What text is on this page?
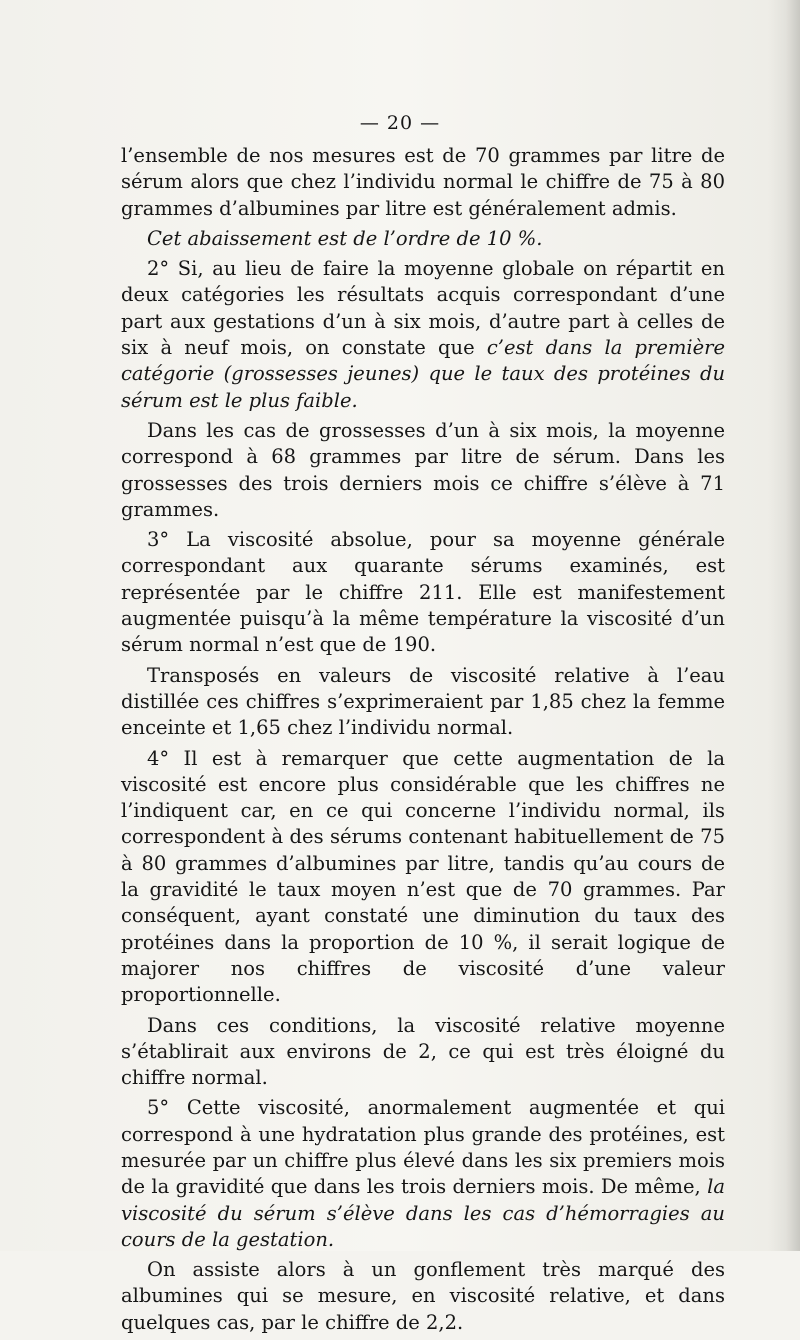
— 20 —

l’ensemble de nos mesures est de 70 grammes par litre de sérum alors que chez l’individu normal le chiffre de 75 à 80 grammes d’albumines par litre est généralement admis.

Cet abaissement est de l’ordre de 10 %.

2° Si, au lieu de faire la moyenne globale on répartit en deux catégories les résultats acquis correspondant d’une part aux gestations d’un à six mois, d’autre part à celles de six à neuf mois, on constate que c’est dans la première catégorie (grossesses jeunes) que le taux des protéines du sérum est le plus faible.

Dans les cas de grossesses d’un à six mois, la moyenne correspond à 68 grammes par litre de sérum. Dans les grossesses des trois derniers mois ce chiffre s’élève à 71 grammes.

3° La viscosité absolue, pour sa moyenne générale correspondant aux quarante sérums examinés, est représentée par le chiffre 211. Elle est manifestement augmentée puisqu’à la même température la viscosité d’un sérum normal n’est que de 190.

Transposés en valeurs de viscosité relative à l’eau distillée ces chiffres s’exprimeraient par 1,85 chez la femme enceinte et 1,65 chez l’individu normal.

4° Il est à remarquer que cette augmentation de la viscosité est encore plus considérable que les chiffres ne l’indiquent car, en ce qui concerne l’individu normal, ils correspondent à des sérums contenant habituellement de 75 à 80 grammes d’albumines par litre, tandis qu’au cours de la gravidité le taux moyen n’est que de 70 grammes. Par conséquent, ayant constaté une diminution du taux des protéines dans la proportion de 10 %, il serait logique de majorer nos chiffres de viscosité d’une valeur proportionnelle.

Dans ces conditions, la viscosité relative moyenne s’établirait aux environs de 2, ce qui est très éloigné du chiffre normal.

5° Cette viscosité, anormalement augmentée et qui correspond à une hydratation plus grande des protéines, est mesurée par un chiffre plus élevé dans les six premiers mois de la gravidité que dans les trois derniers mois. De même, la viscosité du sérum s’élève dans les cas d’hémorragies au cours de la gestation.

On assiste alors à un gonflement très marqué des albumines qui se mesure, en viscosité relative, et dans quelques cas, par le chiffre de 2,2.
